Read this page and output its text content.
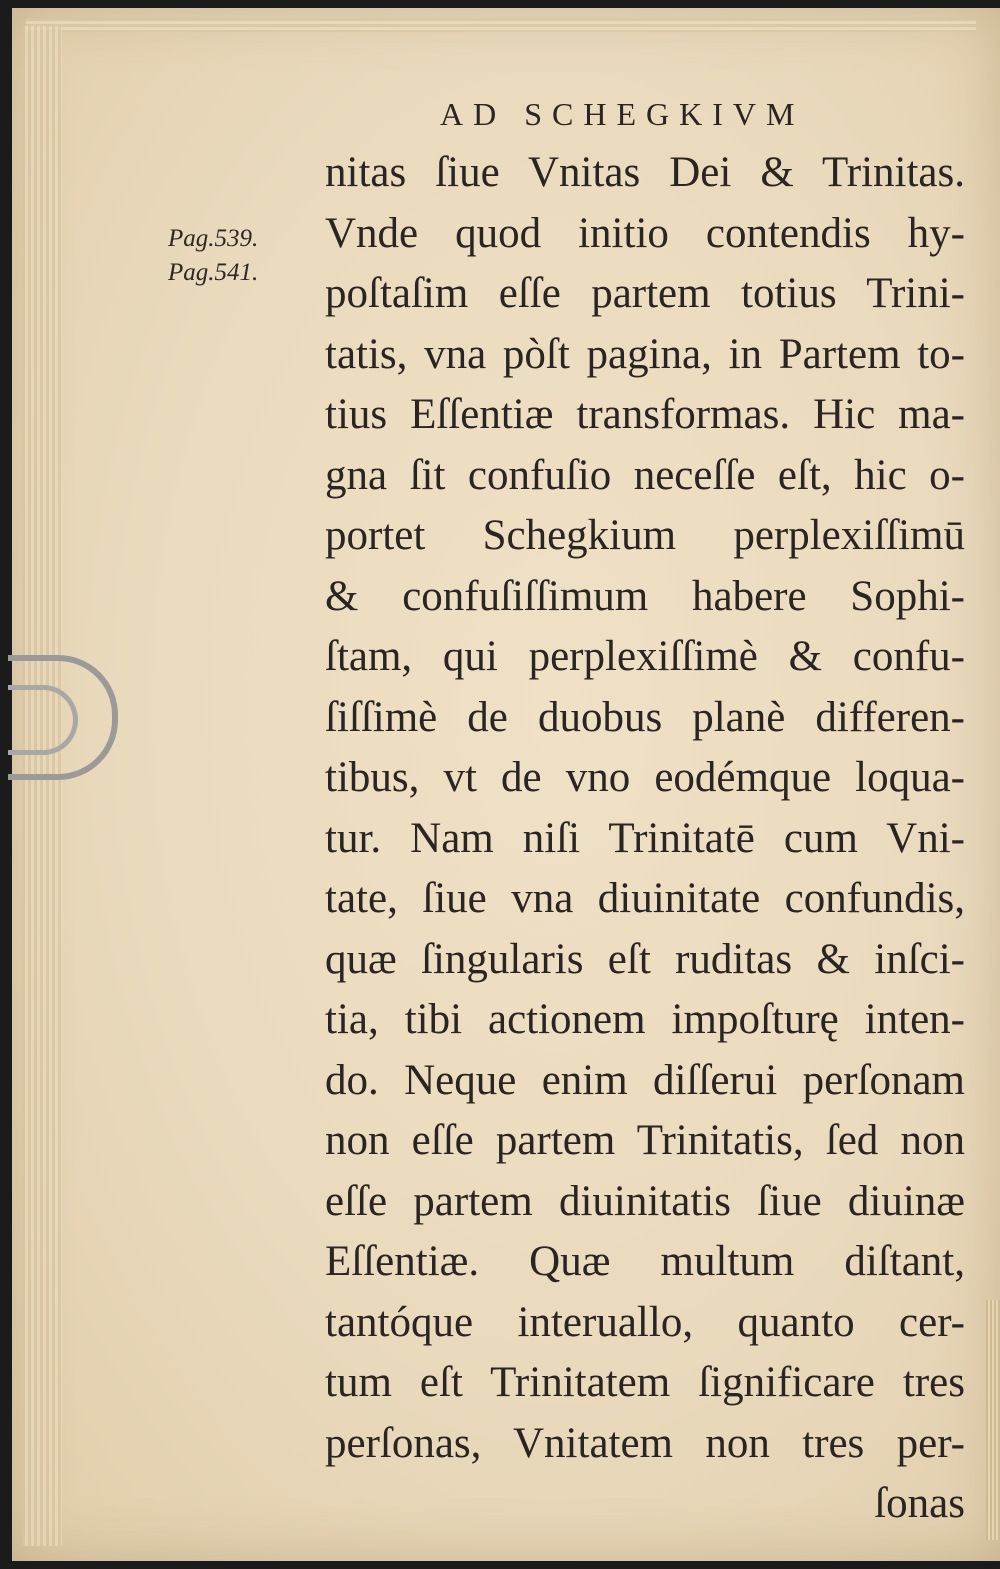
AD SCHEGKIVM
Pag.539.
Pag.541.
nitas ſiue Vnitas Dei & Trinitas.
Vnde quod initio contendis hy-
poſtaſim eſſe partem totius Trini-
tatis, vna pòſt pagina, in Partem to-
tius Eſſentiæ transformas. Hic ma-
gna ſit confuſio neceſſe eſt, hic o-
portet Schegkium perplexiſſimū
& confuſiſſimum habere Sophi-
ſtam, qui perplexiſſimè & confu-
ſiſſimè de duobus planè differen-
tibus, vt de vno eodémque loqua-
tur. Nam niſi Trinitatē cum Vni-
tate, ſiue vna diuinitate confundis,
quæ ſingularis eſt ruditas & inſci-
tia, tibi actionem impoſturę inten-
do. Neque enim diſſerui perſonam
non eſſe partem Trinitatis, ſed non
eſſe partem diuinitatis ſiue diuinæ
Eſſentiæ. Quæ multum diſtant,
tantóque interuallo, quanto cer-
tum eſt Trinitatem ſignificare tres
perſonas, Vnitatem non tres per-
ſonas
